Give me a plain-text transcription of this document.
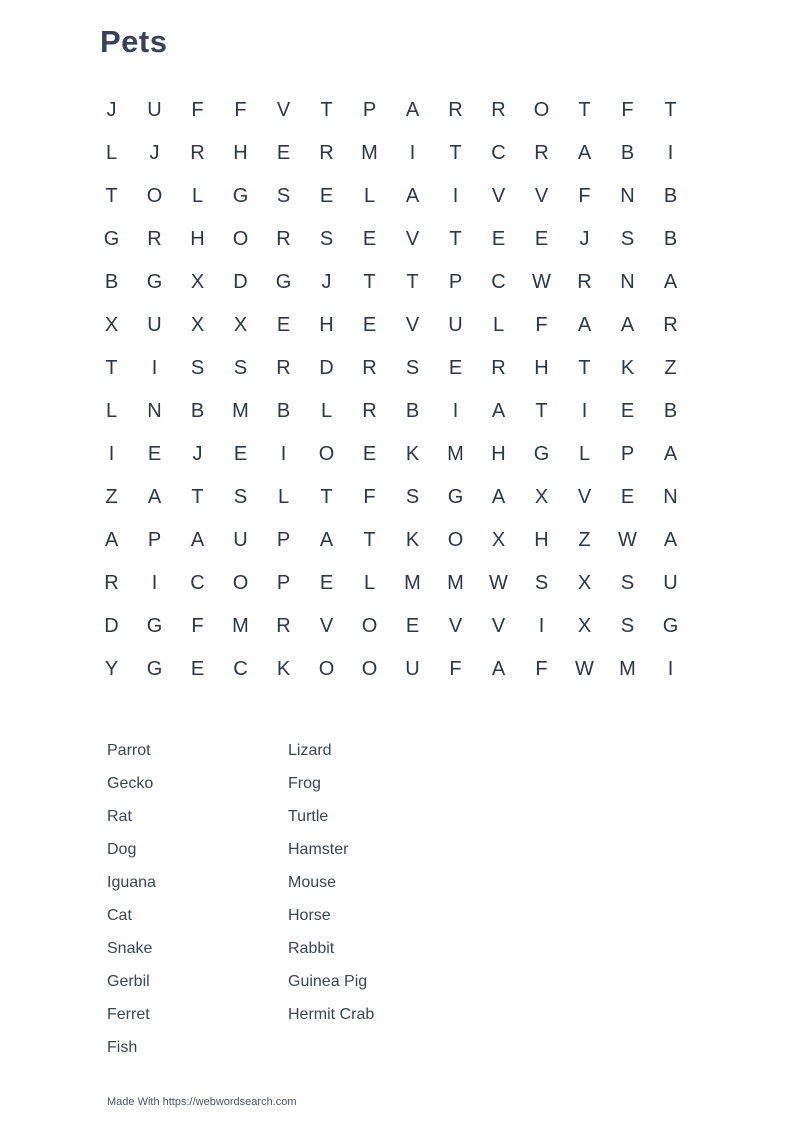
Pets
J	U	F	F	V	T	P	A	R	R	O	T	F	T
L	J	R	H	E	R	M	I	T	C	R	A	B	I
T	O	L	G	S	E	L	A	I	V	V	F	N	B
G	R	H	O	R	S	E	V	T	E	E	J	S	B
B	G	X	D	G	J	T	T	P	C	W	R	N	A
X	U	X	X	E	H	E	V	U	L	F	A	A	R
T	I	S	S	R	D	R	S	E	R	H	T	K	Z
L	N	B	M	B	L	R	B	I	A	T	I	E	B
I	E	J	E	I	O	E	K	M	H	G	L	P	A
Z	A	T	S	L	T	F	S	G	A	X	V	E	N
A	P	A	U	P	A	T	K	O	X	H	Z	W	A
R	I	C	O	P	E	L	M	M	W	S	X	S	U
D	G	F	M	R	V	O	E	V	V	I	X	S	G
Y	G	E	C	K	O	O	U	F	A	F	W	M	I
Parrot
Gecko
Rat
Dog
Iguana
Cat
Snake
Gerbil
Ferret
Fish
Lizard
Frog
Turtle
Hamster
Mouse
Horse
Rabbit
Guinea Pig
Hermit Crab
Made With https://webwordsearch.com
